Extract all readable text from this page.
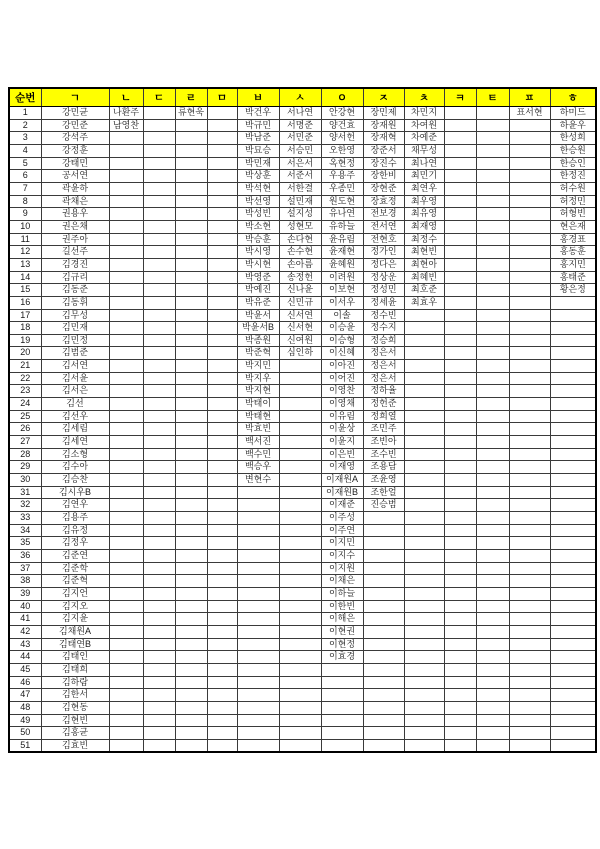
순번	ㄱ	ㄴ	ㄷ	ㄹ	ㅁ	ㅂ	ㅅ	ㅇ	ㅈ	ㅊ	ㅋ	ㅌ	ㅍ	ㅎ
1	강민균	나환주		류현욱		박건우	서나연	안강현	장민제	차민지			표서현	하미드
2	강민준	남영찬				박규민	서명준	양건효	장재원	차여원				하윤우
3	강석주					박남준	서민준	양서헌	장재혁	차예준				한성희
4	강정훈					박묘승	서승민	오한영	장준서	채무성				한승원
5	강태민					박민재	서은서	옥현정	장진수	최나연				한승인
6	공서연					박상훈	서준서	우용주	장한비	최민기				한정진
7	곽윤하					박석현	서한결	우종민	장현준	최연우				허수원
8	곽채은					박선영	설민재	원도현	장효정	최우영				허정민
9	권용우					박성빈	설지성	유나연	전보경	최유영				허형빈
10	권은채					박소현	성현모	유하늘	전서연	최재영				현은재
11	권주아					박승훈	손다현	윤유림	전현호	최정수				홍경표
12	길선주					박시영	손수현	윤재현	정가인	최현빈				홍동훈
13	김경진					박시현	손아름	윤혜원	정다은	최현아				홍지민
14	김규리					박영준	송정헌	이려원	정상운	최혜빈				홍태준
15	김동준					박예진	신나윤	이보현	정성민	최호준				황은정
16	김동휘					박유준	신민규	이서우	정세윤	최효우				
17	김무성					박윤서	신서연	이솔	정수빈					
18	김민재					박윤서B	신서현	이승윤	정수지					
19	김민정					박종원	신여원	이승형	정승희					
20	김범준					박준혁	심인하	이신혜	정은서					
21	김서연					박지민		이아진	정은서					
22	김서윤					박지우		이어진	정은서					
23	김서은					박지현		이영찬	정하율					
24	김선					박태이		이영채	정헌준					
25	김선우					박태현		이유림	정희열					
26	김세림					박효빈		이윤상	조민주					
27	김세연					백서진		이윤지	조빈아					
28	김소형					백수민		이은빈	조수빈					
29	김수아					백승우		이재영	조용담					
30	김승찬					변현수		이재원A	조윤영					
31	김시우B							이재원B	조한얼					
32	김연우							이재준	진승범					
33	김용주							이주성						
34	김유정							이주연						
35	김정우							이지민						
36	김준연							이지수						
37	김준학							이지원						
38	김준혁							이채은						
39	김지언							이하늘						
40	김지오							이한빈						
41	김지윤							이해은						
42	김채원A							이현권						
43	김태연B							이현정						
44	김태인							이효경						
45	김태희													
46	김하람													
47	김한서													
48	김현동													
49	김현빈													
50	김홍균													
51	김효빈													
